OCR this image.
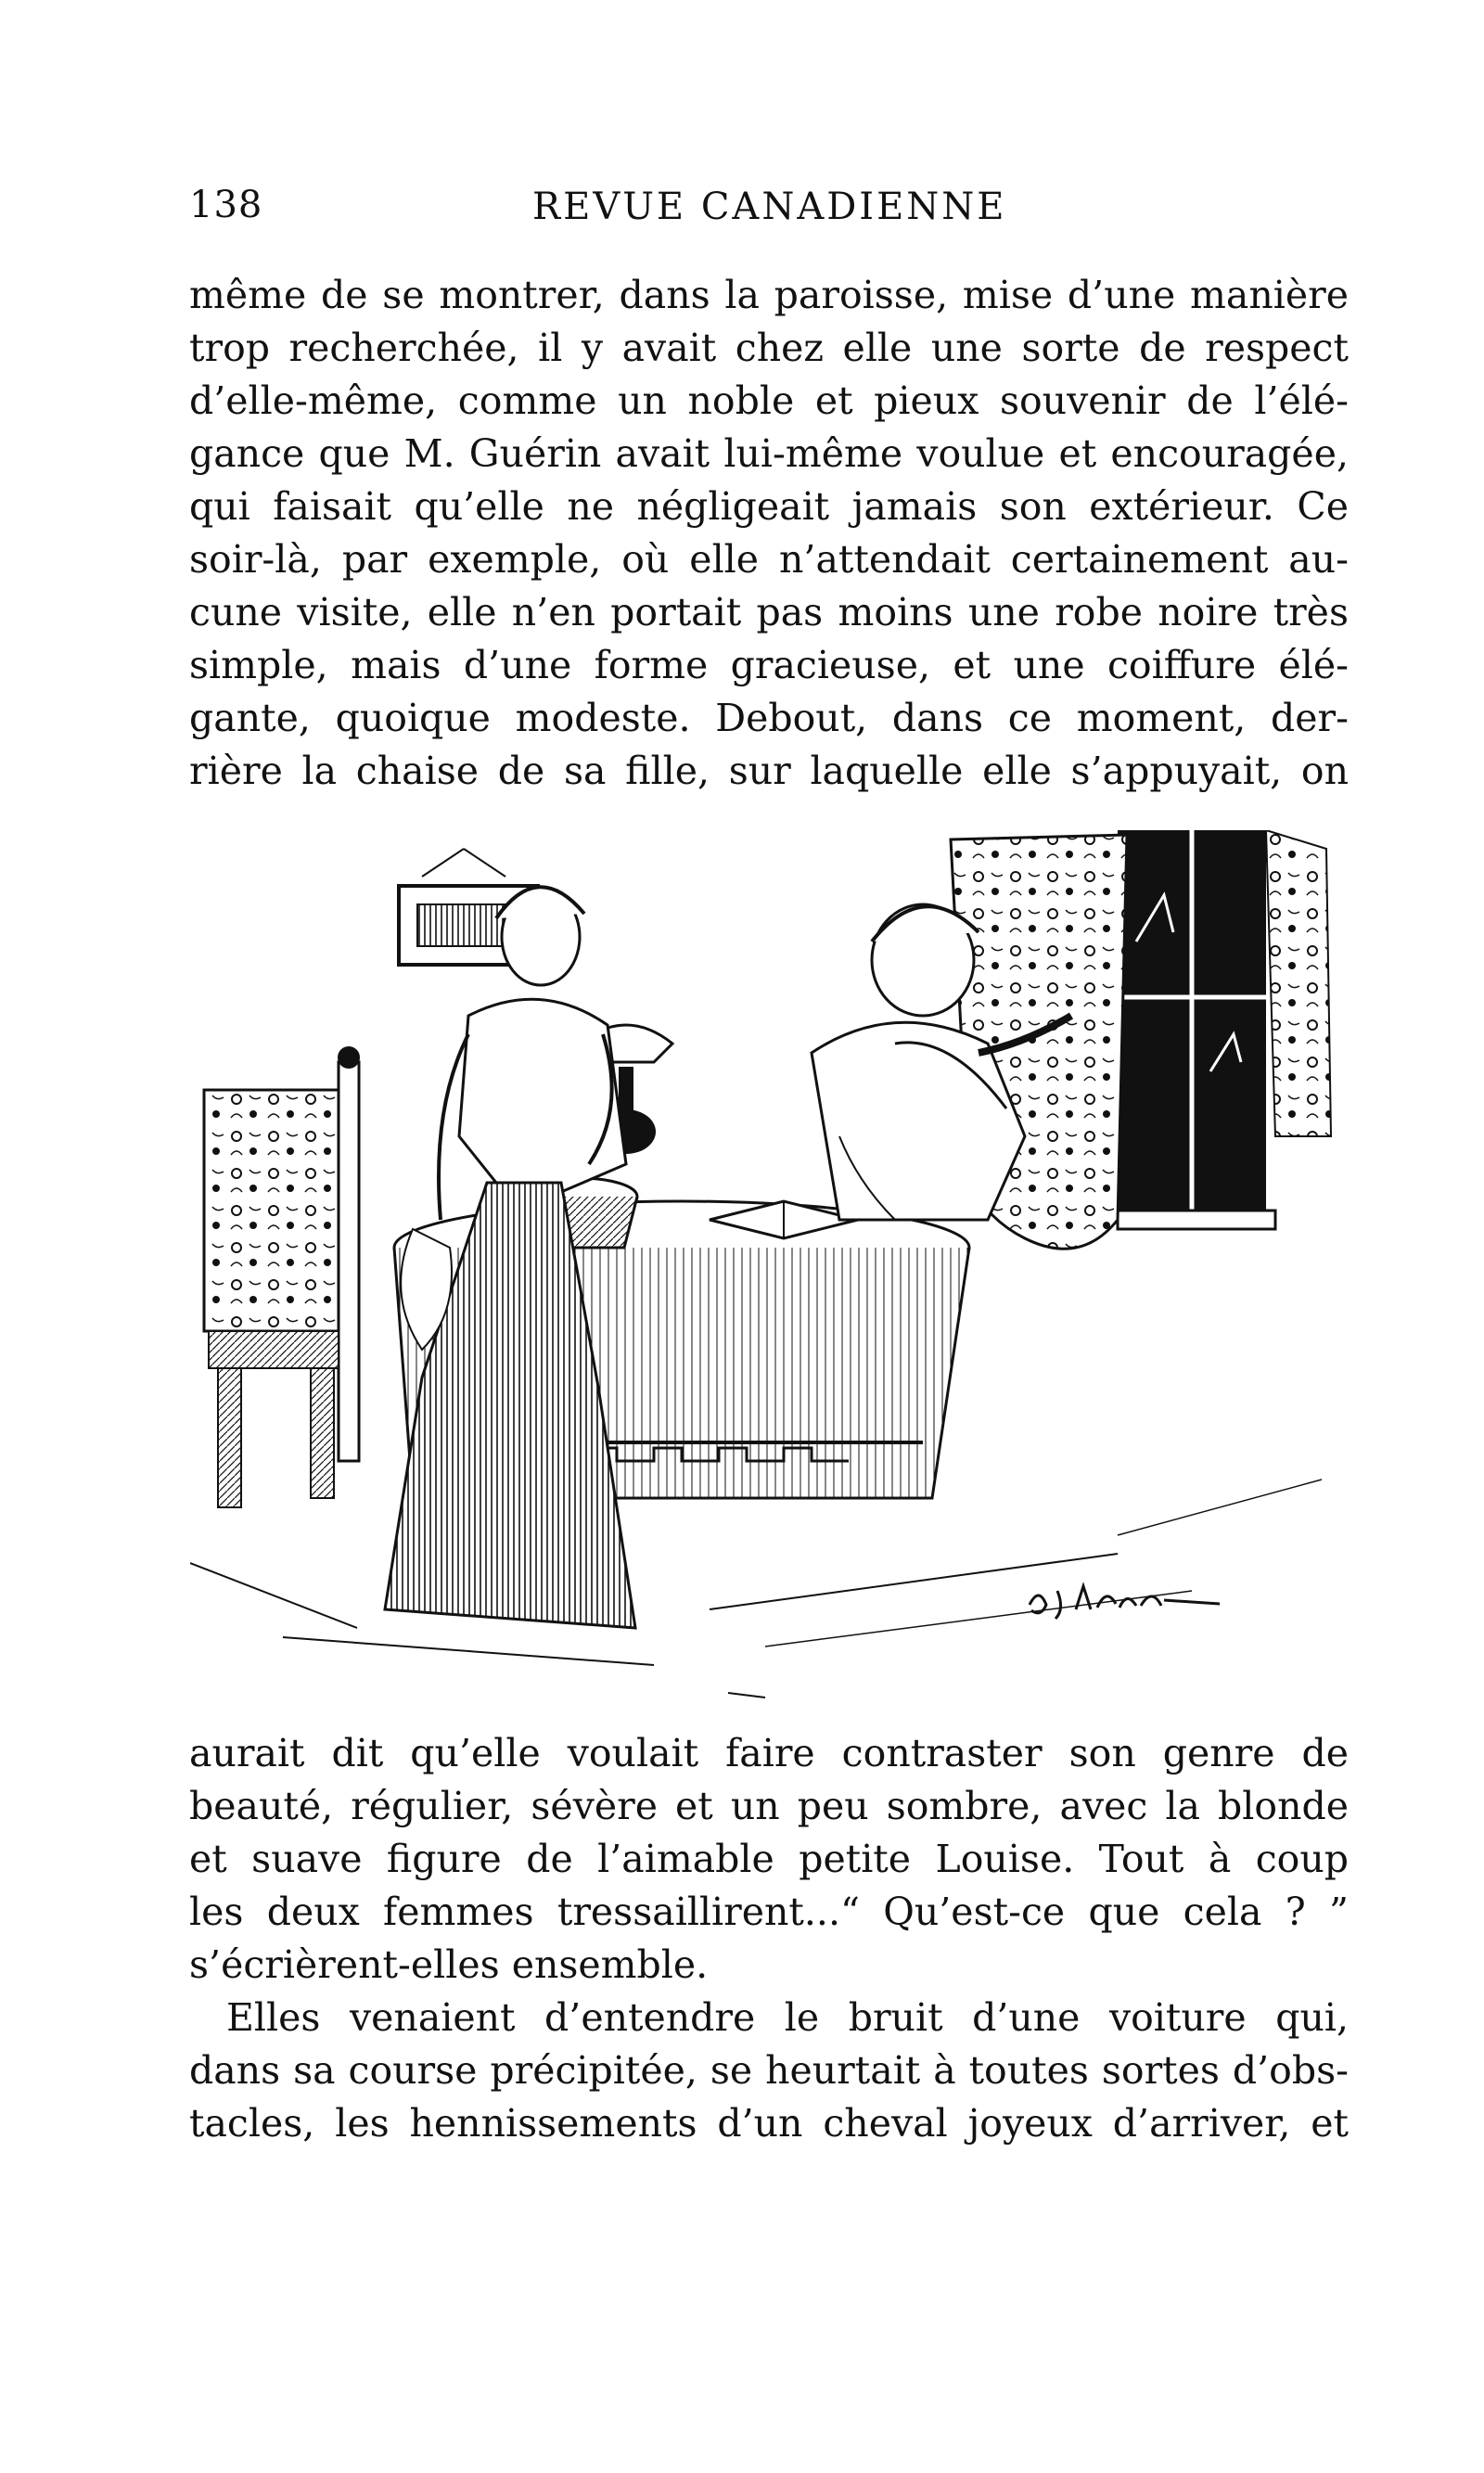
138	REVUE CANADIENNE

même de se montrer, dans la paroisse, mise d’une manière

trop recherchée, il y avait chez elle une sorte de respect

d’elle-même, comme un noble et pieux souvenir de l’élé-

gance que M. Guérin avait lui-même voulue et encouragée,

qui faisait qu’elle ne négligeait jamais son extérieur. Ce

soir-là, par exemple, où elle n’attendait certainement au-

cune visite, elle n’en portait pas moins une robe noire très

simple, mais d’une forme gracieuse, et une coiffure élé-

gante, quoique modeste. Debout, dans ce moment, der-

rière la chaise de sa fille, sur laquelle elle s’appuyait, on

aurait dit qu’elle voulait faire contraster son genre de

beauté, régulier, sévère et un peu sombre, avec la blonde

et suave figure de l’aimable petite Louise. Tout à coup

les deux femmes tressaillirent...“ Qu’est-ce que cela ? ”

s’écrièrent-elles ensemble.

Elles venaient d’entendre le bruit d’une voiture qui,

dans sa course précipitée, se heurtait à toutes sortes d’obs-

tacles, les hennissements d’un cheval joyeux d’arriver, et
